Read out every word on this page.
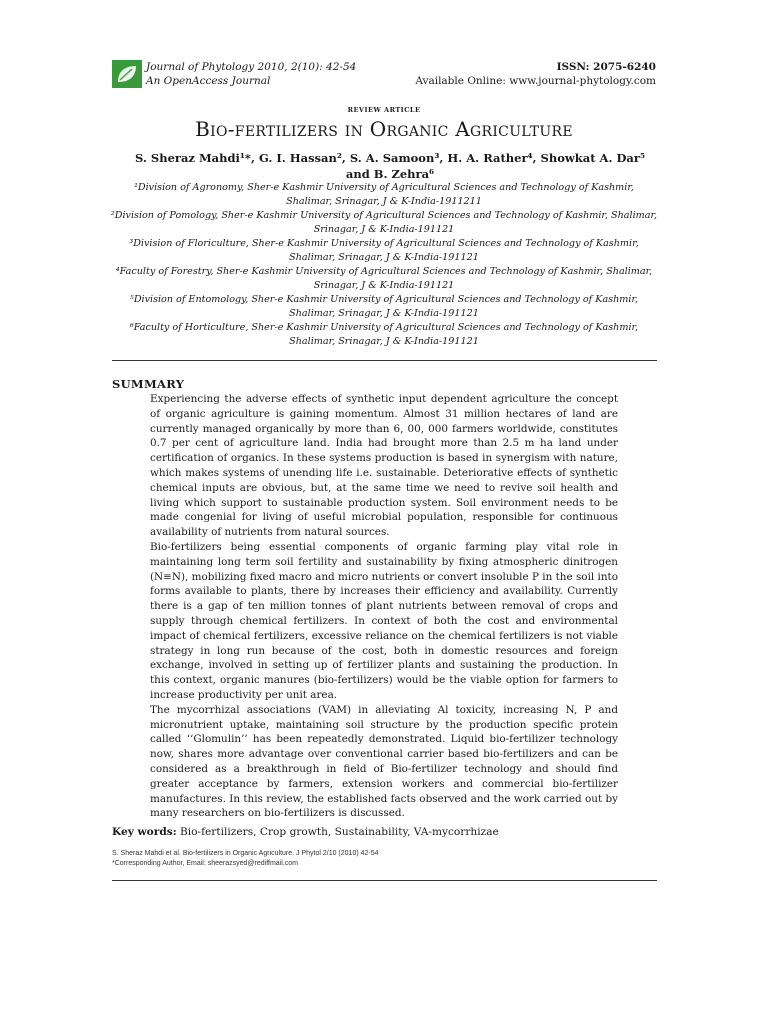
Journal of Phytology 2010, 2(10): 42-54
An OpenAccess Journal
ISSN: 2075-6240
Available Online: www.journal-phytology.com
REVIEW ARTICLE
Bio-fertilizers in Organic Agriculture
S. Sheraz Mahdi¹*, G. I. Hassan², S. A. Samoon³, H. A. Rather⁴, Showkat A. Dar⁵ and B. Zehra⁶

¹Division of Agronomy, Sher-e Kashmir University of Agricultural Sciences and Technology of Kashmir, Shalimar, Srinagar, J & K-India-1911211

²Division of Pomology, Sher-e Kashmir University of Agricultural Sciences and Technology of Kashmir, Shalimar, Srinagar, J & K-India-191121

³Division of Floriculture, Sher-e Kashmir University of Agricultural Sciences and Technology of Kashmir, Shalimar, Srinagar, J & K-India-191121

⁴Faculty of Forestry, Sher-e Kashmir University of Agricultural Sciences and Technology of Kashmir, Shalimar, Srinagar, J & K-India-191121

⁵Division of Entomology, Sher-e Kashmir University of Agricultural Sciences and Technology of Kashmir, Shalimar, Srinagar, J & K-India-191121

⁶Faculty of Horticulture, Sher-e Kashmir University of Agricultural Sciences and Technology of Kashmir, Shalimar, Srinagar, J & K-India-191121

SUMMARY

Experiencing the adverse effects of synthetic input dependent agriculture the concept of organic agriculture is gaining momentum. Almost 31 million hectares of land are currently managed organically by more than 6, 00, 000 farmers worldwide, constitutes 0.7 per cent of agriculture land. India had brought more than 2.5 m ha land under certification of organics. In these systems production is based in synergism with nature, which makes systems of unending life i.e. sustainable. Deteriorative effects of synthetic chemical inputs are obvious, but, at the same time we need to revive soil health and living which support to sustainable production system. Soil environment needs to be made congenial for living of useful microbial population, responsible for continuous availability of nutrients from natural sources.

Bio-fertilizers being essential components of organic farming play vital role in maintaining long term soil fertility and sustainability by fixing atmospheric dinitrogen (N≡N), mobilizing fixed macro and micro nutrients or convert insoluble P in the soil into forms available to plants, there by increases their efficiency and availability. Currently there is a gap of ten million tonnes of plant nutrients between removal of crops and supply through chemical fertilizers. In context of both the cost and environmental impact of chemical fertilizers, excessive reliance on the chemical fertilizers is not viable strategy in long run because of the cost, both in domestic resources and foreign exchange, involved in setting up of fertilizer plants and sustaining the production. In this context, organic manures (bio-fertilizers) would be the viable option for farmers to increase productivity per unit area.

The mycorrhizal associations (VAM) in alleviating Al toxicity, increasing N, P and micronutrient uptake, maintaining soil structure by the production specific protein called ‘‘Glomulin’’ has been repeatedly demonstrated. Liquid bio-fertilizer technology now, shares more advantage over conventional carrier based bio-fertilizers and can be considered as a breakthrough in field of Bio-fertilizer technology and should find greater acceptance by farmers, extension workers and commercial bio-fertilizer manufactures. In this review, the established facts observed and the work carried out by many researchers on bio-fertilizers is discussed.

Key words: Bio-fertilizers, Crop growth, Sustainability, VA-mycorrhizae
S. Sheraz Mahdi et al. Bio-fertilizers in Organic Agriculture. J Phytol 2/10 (2010) 42-54
*Corresponding Author, Email: sheerazsyed@rediffmail.com
